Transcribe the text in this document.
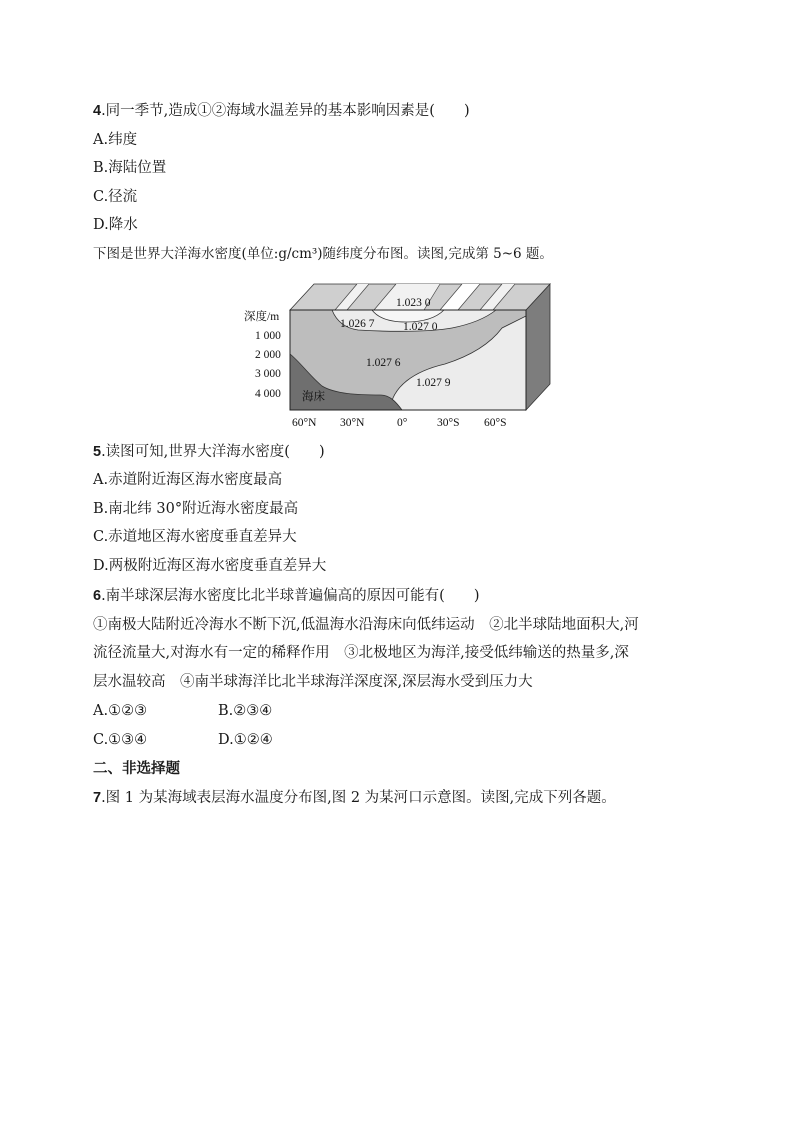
4.同一季节,造成①②海域水温差异的基本影响因素是(　　)
A.纬度
B.海陆位置
C.径流
D.降水
下图是世界大洋海水密度(单位:g/cm³)随纬度分布图。读图,完成第 5~6 题。
深度/m
1 000
2 000
3 000
4 000
1.023 0
1.026 7 1.027 0
1.027 6
1.027 9
海床
60°N 30°N	0°	30°S 60°S
5.读图可知,世界大洋海水密度(　　)
A.赤道附近海区海水密度最高
B.南北纬 30°附近海水密度最高
C.赤道地区海水密度垂直差异大
D.两极附近海区海水密度垂直差异大
6.南半球深层海水密度比北半球普遍偏高的原因可能有(　　)
①南极大陆附近冷海水不断下沉,低温海水沿海床向低纬运动　②北半球陆地面积大,河
流径流量大,对海水有一定的稀释作用　③北极地区为海洋,接受低纬输送的热量多,深
层水温较高　④南半球海洋比北半球海洋深度深,深层海水受到压力大
A.①②③	B.②③④
C.①③④	D.①②④
二、非选择题
7.图 1 为某海域表层海水温度分布图,图 2 为某河口示意图。读图,完成下列各题。
